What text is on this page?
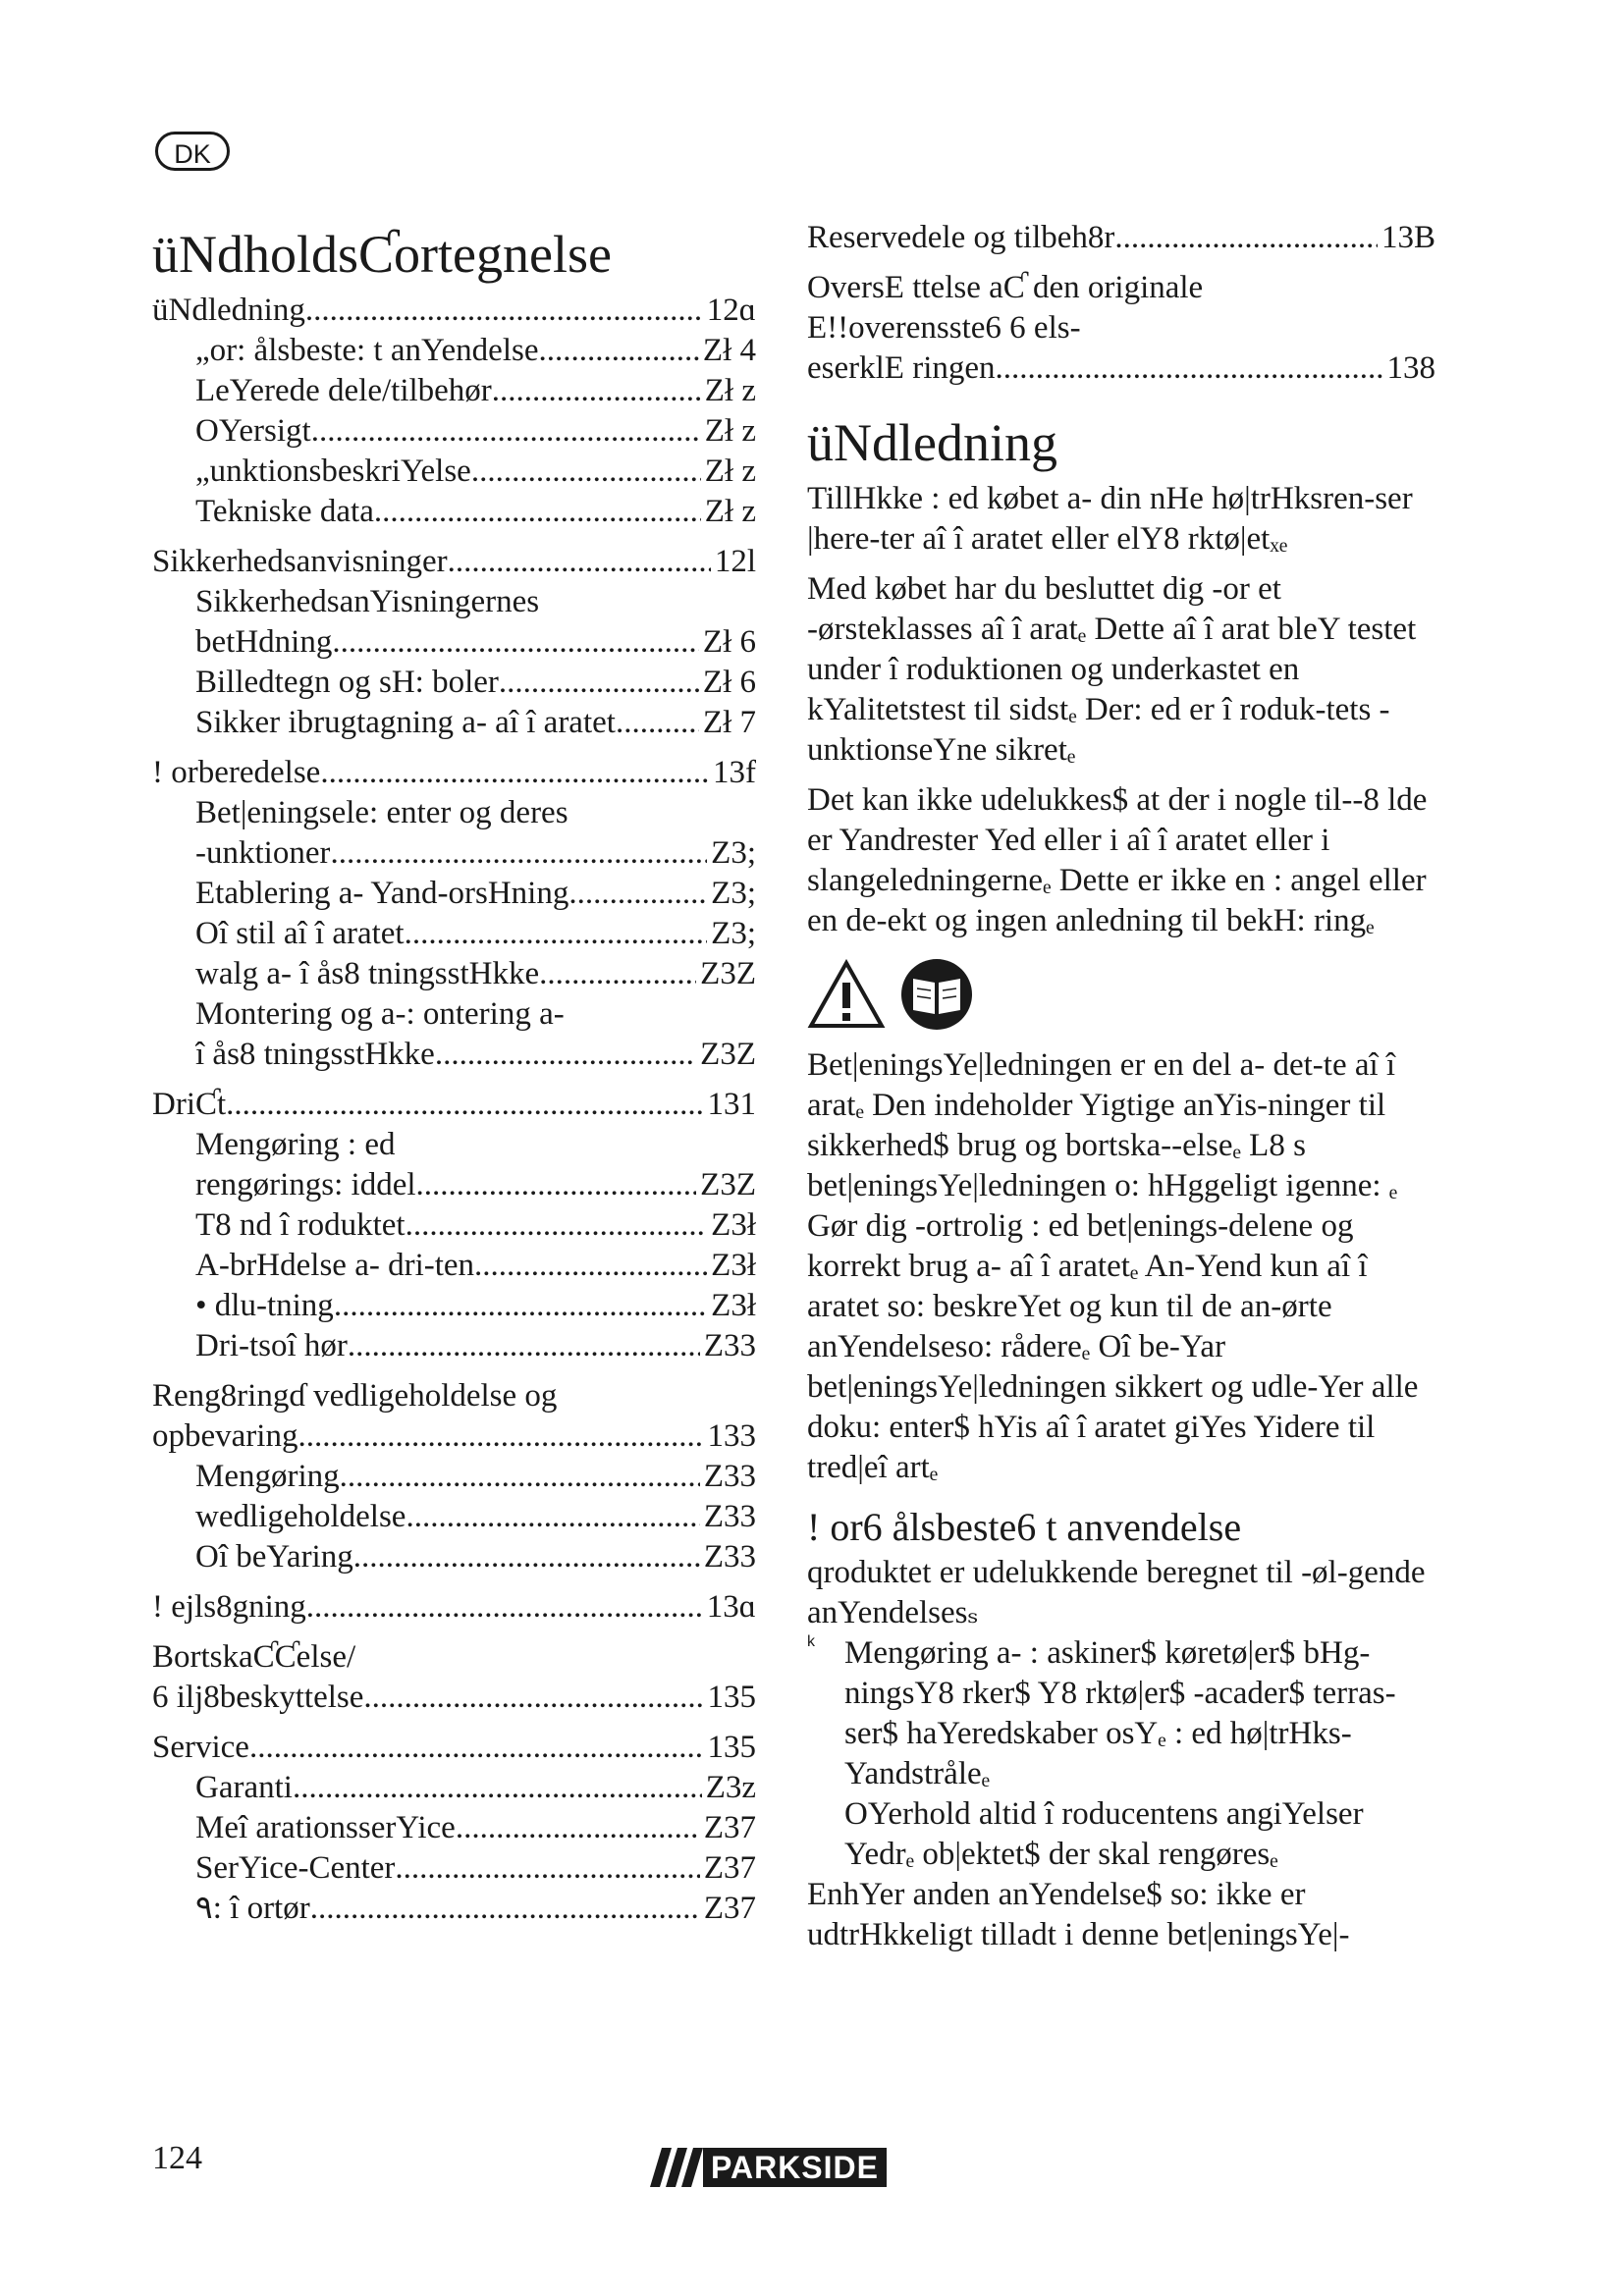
DK
üNdholdsƇortegnelse
üNdledning .....	12ɑ
„or: ålsbeste: t anYendelse .....	Zł 4
LeYerede dele/tilbehør .....	Zł z
OYersigt .....	Zł z
„unktionsbeskriYelse .....	Zł z
Tekniske data .....	Zł z
Sikkerhedsanvisninger .....	12l
SikkerhedsanYisningernes
betHdning .....	Zł 6
Billedtegn og sH: boler .....	Zł 6
Sikker ibrugtagning a- aî î aratet .....	Zł 7
! orberedelse .....	13f
Bet|eningsele: enter og deres
-unktioner .....	Z3;
Etablering a- Yand-orsHning .....	Z3;
Oî stil aî î aratet .....	Z3;
walg a- î ås8 tningsstHkke .....	Z3Z
Montering og a-: ontering a-
î ås8 tningsstHkke .....	Z3Z
DriƇt .....	131
Mengøring : ed
rengørings: iddel .....	Z3Z
T8 nd î roduktet .....	Z3ł
A-brHdelse a- dri-ten .....	Z3ł
• dlu-tning .....	Z3ł
Dri-tsoî hør .....	Z33
Reng8ringɗ vedligeholdelse og
opbevaring .....	133
Mengøring .....	Z33
wedligeholdelse .....	Z33
Oî beYaring .....	Z33
! ejls8gning .....	13ɑ
BortskaƇƇelse/
6 ilj8beskyttelse .....	135
Service .....	135
Garanti .....	Z3z
Meî arationsserYice .....	Z37
SerYice-Center .....	Z37
٩: î ortør .....	Z37
Reservedele og tilbeh8r .....	13B
OversE ttelse aƇ den originale
E!!overensste6 6 els-
eserklE ringen .....	138
üNdledning

TillHkke : ed købet a- din nHe hø|trHksren-ser |here-ter aî î aratet eller elY8 rktø|etₓₑ

Med købet har du besluttet dig -or et -ørsteklasses aî î aratₑ Dette aî î arat bleY testet under î roduktionen og underkastet en kYalitetstest til sidstₑ Der: ed er î roduk-tets -unktionseYne sikretₑ

Det kan ikke udelukkes$ at der i nogle til--8 lde er Yandrester Yed eller i aî î aratet eller i slangeledningerneₑ Dette er ikke en : angel eller en de-ekt og ingen anledning til bekH: ringₑ

Bet|eningsYe|ledningen er en del a- det-te aî î aratₑ Den indeholder Yigtige anYis-ninger til sikkerhed$ brug og bortska--elseₑ L8 s bet|eningsYe|ledningen o: hHggeligt igenne: ₑ Gør dig -ortrolig : ed bet|enings-delene og korrekt brug a- aî î aratetₑ An-Yend kun aî î aratet so: beskreYet og kun til de an-ørte anYendelseso: rådereₑ Oî be-Yar bet|eningsYe|ledningen sikkert og udle-Yer alle doku: enter$ hYis aî î aratet giYes Yidere til tred|eî artₑ

! or6 ålsbeste6 t anvendelse

qroduktet er udelukkende beregnet til -øl-gende anYendelsesₛ

k Mengøring a- : askiner$ køretø|er$ bHg-ningsY8 rker$ Y8 rktø|er$ -acader$ terras-ser$ haYeredskaber osYₑ : ed hø|trHks-Yandstråleₑ

OYerhold altid î roducentens angiYelser Yedrₑ ob|ektet$ der skal rengøresₑ

EnhYer anden anYendelse$ so: ikke er udtrHkkeligt tilladt i denne bet|eningsYe|-

124	PARKSIDE
